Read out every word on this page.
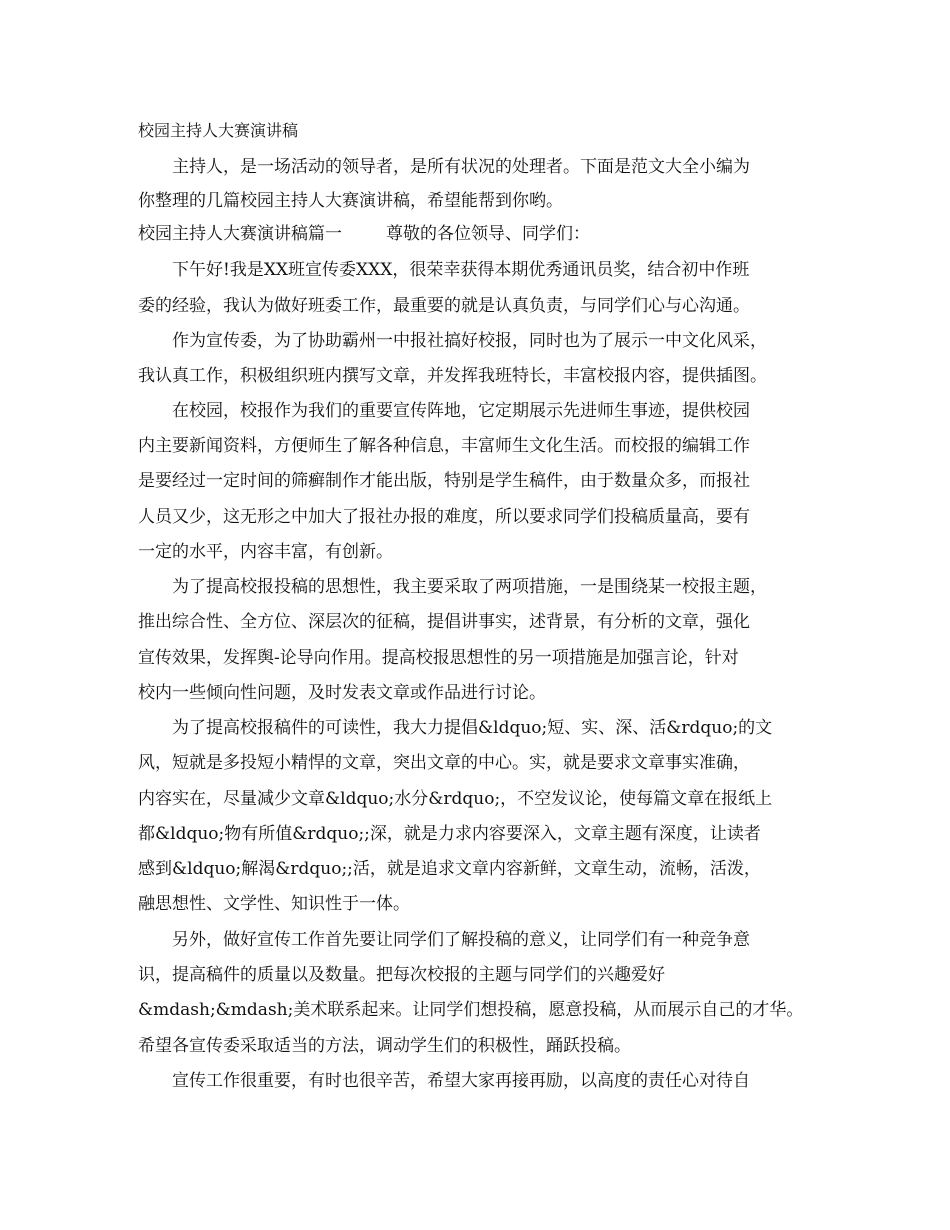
校园主持人大赛演讲稿
　　主持人，是一场活动的领导者，是所有状况的处理者。下面是范文大全小编为
你整理的几篇校园主持人大赛演讲稿，希望能帮到你哟。
校园主持人大赛演讲稿篇一	尊敬的各位领导、同学们：
　　下午好!我是XX班宣传委XXX，很荣幸获得本期优秀通讯员奖，结合初中作班
委的经验，我认为做好班委工作，最重要的就是认真负责，与同学们心与心沟通。
　　作为宣传委，为了协助霸州一中报社搞好校报，同时也为了展示一中文化风采，
我认真工作，积极组织班内撰写文章，并发挥我班特长，丰富校报内容，提供插图。
　　在校园，校报作为我们的重要宣传阵地，它定期展示先进师生事迹，提供校园
内主要新闻资料，方便师生了解各种信息，丰富师生文化生活。而校报的编辑工作
是要经过一定时间的筛癣制作才能出版，特别是学生稿件，由于数量众多，而报社
人员又少，这无形之中加大了报社办报的难度，所以要求同学们投稿质量高，要有
一定的水平，内容丰富，有创新。
　　为了提高校报投稿的思想性，我主要采取了两项措施，一是围绕某一校报主题，
推出综合性、全方位、深层次的征稿，提倡讲事实，述背景，有分析的文章，强化
宣传效果，发挥舆-论导向作用。提高校报思想性的另一项措施是加强言论，针对
校内一些倾向性问题，及时发表文章或作品进行讨论。
　　为了提高校报稿件的可读性，我大力提倡&ldquo;短、实、深、活&rdquo;的文
风，短就是多投短小精悍的文章，突出文章的中心。实，就是要求文章事实准确，
内容实在，尽量减少文章&ldquo;水分&rdquo;，不空发议论，使每篇文章在报纸上
都&ldquo;物有所值&rdquo;;深，就是力求内容要深入，文章主题有深度，让读者
感到&ldquo;解渴&rdquo;;活，就是追求文章内容新鲜，文章生动，流畅，活泼，
融思想性、文学性、知识性于一体。
　　另外，做好宣传工作首先要让同学们了解投稿的意义，让同学们有一种竞争意
识，提高稿件的质量以及数量。把每次校报的主题与同学们的兴趣爱好
&mdash;&mdash;美术联系起来。让同学们想投稿，愿意投稿，从而展示自己的才华。
希望各宣传委采取适当的方法，调动学生们的积极性，踊跃投稿。
　　宣传工作很重要，有时也很辛苦，希望大家再接再励，以高度的责任心对待自
